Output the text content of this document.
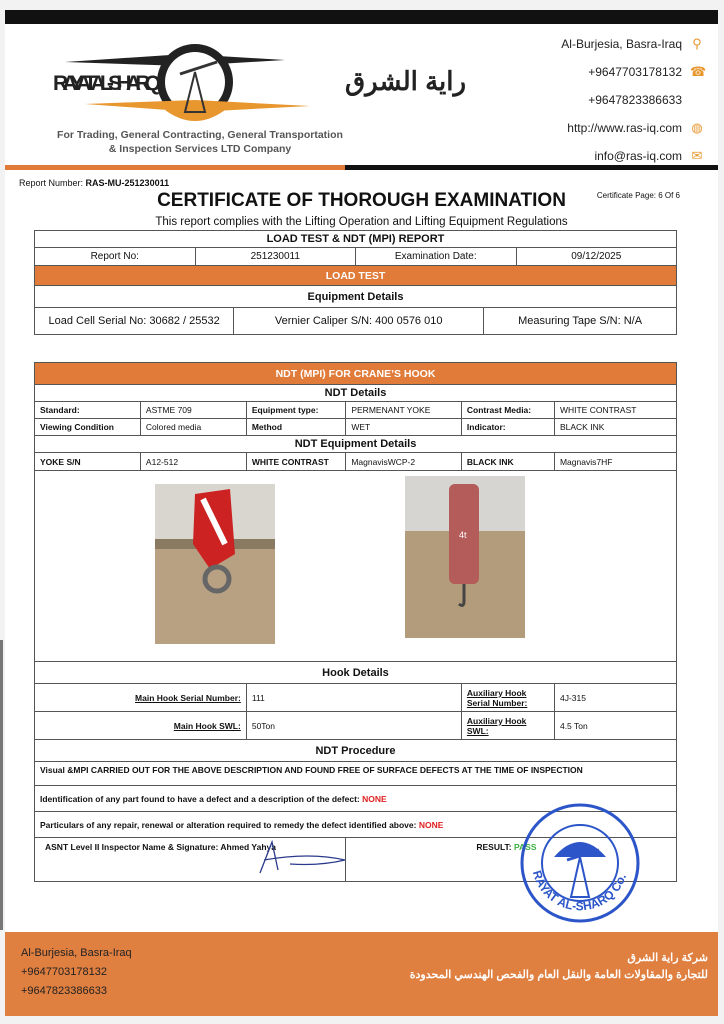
RAYAT AL-SHARQ	راية الشرق
For Trading, General Contracting, General Transportation
& Inspection Services LTD Company
Al-Burjesia, Basra-Iraq ⚲
+9647703178132 ☎
+9647823386633
http://www.ras-iq.com ◍
info@ras-iq.com ✉
Report Number: RAS-MU-251230011
CERTIFICATE OF THOROUGH EXAMINATION	Certificate Page: 6 Of 6
This report complies with the Lifting Operation and Lifting Equipment Regulations
LOAD TEST & NDT (MPI) REPORT
Report No:	251230011	Examination Date:	09/12/2025
LOAD TEST
Equipment Details

Load Cell Serial No: 30682 / 25532	Vernier Caliper S/N: 400 0576 010	Measuring Tape S/N: N/A
NDT (MPI) FOR CRANE’S HOOK					
NDT Details					
Standard:	ASTME 709	Equipment type:	PERMENANT YOKE	Contrast Media:	WHITE CONTRAST
Viewing Condition	Colored media	Method	WET	Indicator:	BLACK INK
NDT Equipment Details					
YOKE S/N	A12-512	WHITE CONTRAST	MagnavisWCP-2	BLACK INK	Magnavis7HF

Hook Details					
Main Hook Serial Number:		111		Auxiliary Hook Serial Number:	4J-315
Main Hook SWL:		50Ton		Auxiliary Hook SWL:	4.5 Ton
NDT Procedure					
Visual &MPI CARRIED OUT FOR THE ABOVE DESCRIPTION AND FOUND FREE OF SURFACE DEFECTS AT THE TIME OF INSPECTION					
Identification of any part found to have a defect and a description of the defect: NONE					
Particulars of any repair, renewal or alteration required to remedy the defect identified above: NONE					
ASNT Level II Inspector Name & Signature: Ahmed Yahya			RESULT: PASS		
4t
RAYAT AL-SHARQ Co.
Al-Burjesia, Basra-Iraq
+9647703178132
+9647823386633
شركة راية الشرق
للتجارة والمقاولات العامة والنقل العام والفحص الهندسي المحدودة
